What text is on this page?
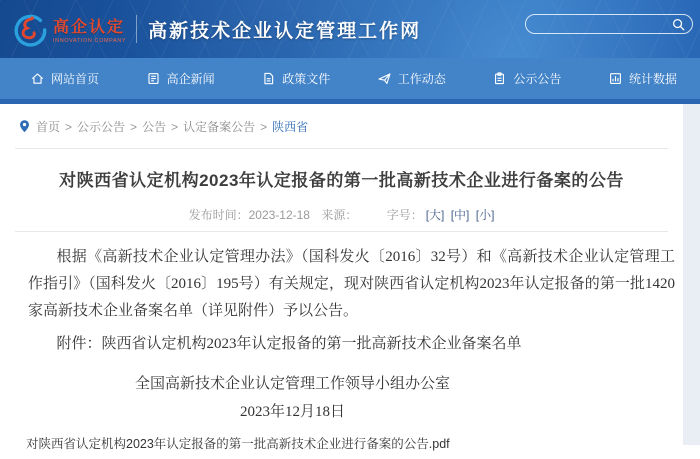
高企认定
INNOVATION COMPANY 高新技术企业认定管理工作网
网站首页	高企新闻	政策文件	工作动态	公示公告	统计数据
首页 > 公示公告 > 公告 > 认定备案公告 > 陕西省
对陕西省认定机构2023年认定报备的第一批高新技术企业进行备案的公告
发布时间：2023-12-18 来源： 字号： [大] [中] [小]

根据《高新技术企业认定管理办法》（国科发火〔2016〕32号）和《高新技术企业认定管理工作指引》（国科发火〔2016〕195号）有关规定，现对陕西省认定机构2023年认定报备的第一批1420家高新技术企业备案名单（详见附件）予以公告。

附件：陕西省认定机构2023年认定报备的第一批高新技术企业备案名单

全国高新技术企业认定管理工作领导小组办公室
2023年12月18日
对陕西省认定机构2023年认定报备的第一批高新技术企业进行备案的公告.pdf
